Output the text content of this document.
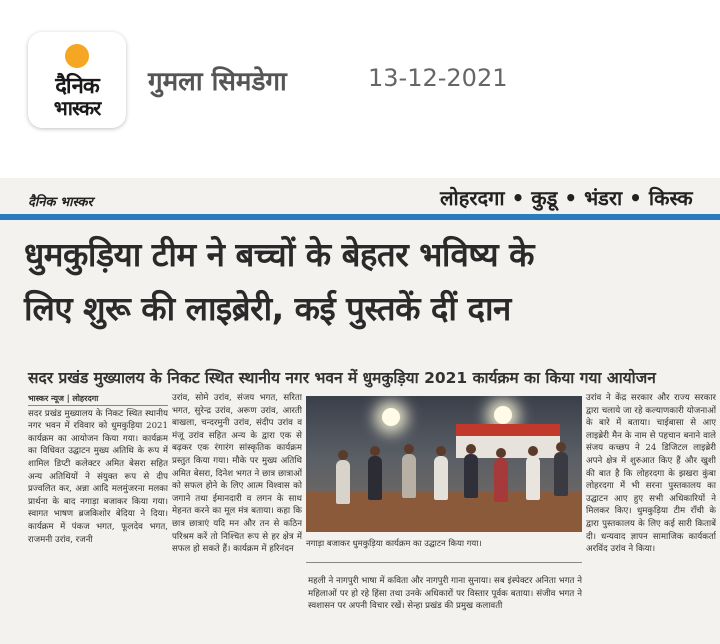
दैनिक
भास्कर
गुमला सिमडेगा	13-12-2021
दैनिक भास्कर	लोहरदगा • कुडू • भंडरा • किस्क
धुमकुड़िया टीम ने बच्चों के बेहतर भविष्य के
लिए शुरू की लाइब्रेरी, कई पुस्तकें दीं दान
सदर प्रखंड मुख्यालय के निकट स्थित स्थानीय नगर भवन में धुमकुड़िया 2021 कार्यक्रम का किया गया आयोजन
भास्कर न्यूज | लोहरदगा
सदर प्रखंड मुख्यालय के निकट स्थित स्थानीय नगर भवन में रविवार को धुमकुड़िया 2021 कार्यक्रम का आयोजन किया गया। कार्यक्रम का विधिवत उद्घाटन मुख्य अतिथि के रूप में शामिल डिप्टी कलेक्टर अमित बेसरा सहित अन्य अतिथियों ने संयुक्त रूप से दीप प्रज्वलित कर, अन्ना आदि मलमुंजरना मलका प्रार्थना के बाद नगाड़ा बजाकर किया गया। स्वागत भाषण ब्रजकिशोर बेदिया ने दिया। कार्यक्रम में पंकज भगत, फूलदेव भगत, राजमनी उरांव, रजनी
उरांव, सोमे उरांव, संजय भगत, सरिता भगत, सुरेन्द्र उरांव, अरूण उरांव, आरती बाखला, चन्दरमुनी उरांव, संदीप उरांव व मंजू उरांव सहित अन्य के द्वारा एक से बढ़कर एक रंगारंग सांस्कृतिक कार्यक्रम प्रस्तुत किया गया। मौके पर मुख्य अतिथि अमित बेसरा, दिनेश भगत ने छात्र छात्राओं को सफल होने के लिए आत्म विश्वास को जगाने तथा ईमानदारी व लगन के साथ मेहनत करने का मूल मंत्र बताया। कहा कि छात्र छात्राएं यदि मन और तन से कठिन परिश्रम करें तो निश्चित रूप से हर क्षेत्र में सफल हो सकते हैं। कार्यक्रम में हरिनंदन
नगाड़ा बजाकर धुमकुड़िया कार्यक्रम का उद्घाटन किया गया।
महली ने नागपुरी भाषा में कविता और नागपुरी गाना सुनाया। सब इंस्पेक्टर अनिता भगत ने महिलाओं पर हो रहे हिंसा तथा उनके अधिकारों पर विस्तार पूर्वक बताया। संजीव भगत ने स्वशासन पर अपनी विचार रखें। सेन्हा प्रखंड की प्रमुख कलावती
उरांव ने केंद्र सरकार और राज्य सरकार द्वारा चलाये जा रहे कल्याणकारी योजनाओं के बारे में बताया। चाईबासा से आए लाइब्रेरी मैन के नाम से पहचान बनाने वाले संजय कच्छप ने 24 डिजिटल लाइब्रेरी अपने क्षेत्र में शुरुआत किए हैं और खुशी की बात है कि लोहरदगा के झखरा कुंबा लोहरदगा में भी सरना पुस्तकालय का उद्घाटन आए हुए सभी अधिकारियों ने मिलकर किए। धुमकुड़िया टीम राँची के द्वारा पुस्तकालय के लिए कई सारी किताबें दी। धन्यवाद ज्ञापन सामाजिक कार्यकर्ता अरविंद उरांव ने किया।
